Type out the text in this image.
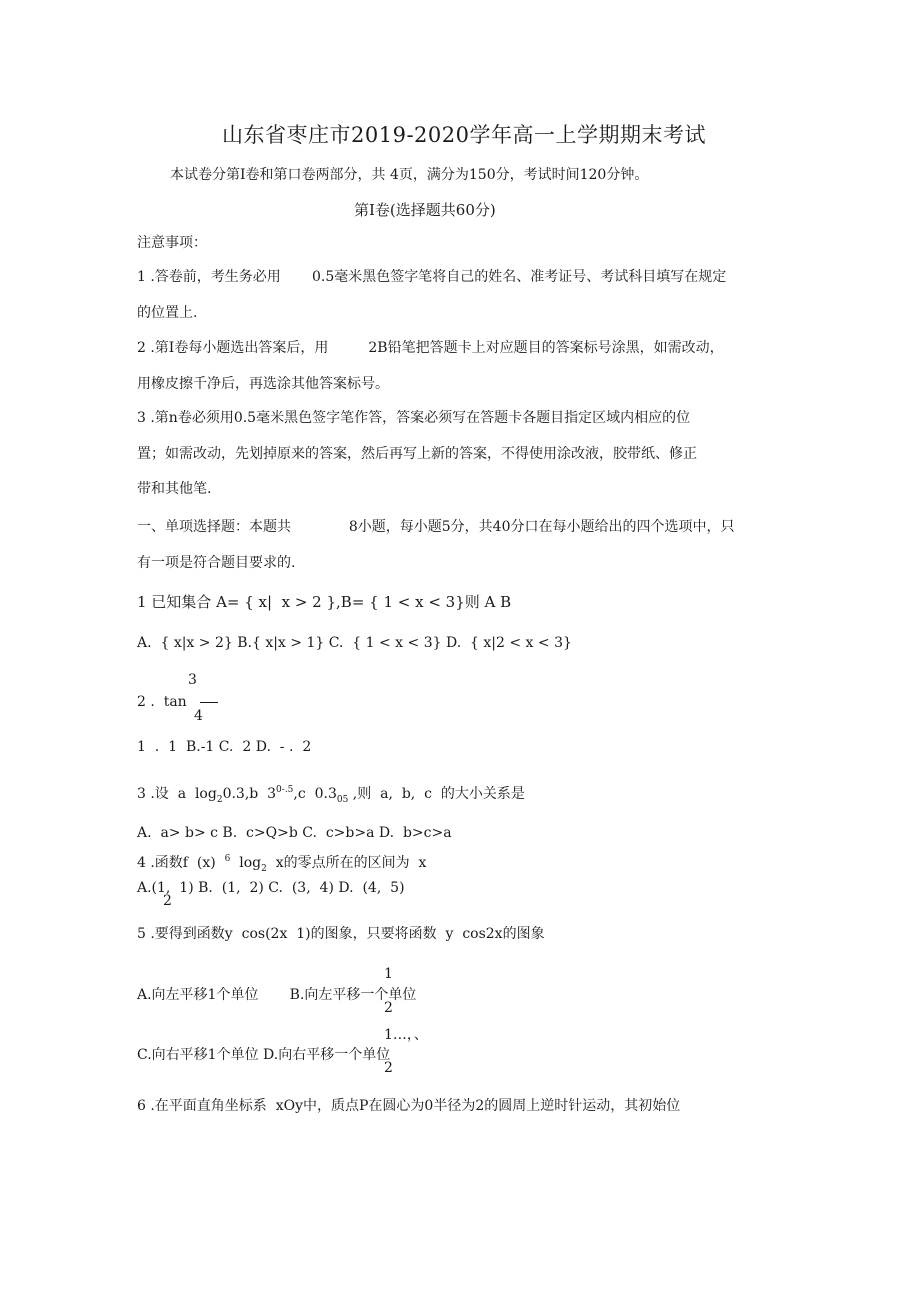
山东省枣庄市2019-2020学年高一上学期期末考试
本试卷分第I卷和第口卷两部分，共 4页，满分为150分，考试时间120分钟。
第I卷(选择题共60分)
注意事项：
1 .答卷前，考生务必用       0.5毫米黑色签字笔将自己的姓名、准考证号、考试科目填写在规定
的位置上.
2 .第I卷每小题选出答案后，用         2B铅笔把答题卡上对应题目的答案标号涂黑，如需改动，
用橡皮擦千净后，再选涂其他答案标号。
3 .第n卷必须用0.5毫米黑色签字笔作答，答案必须写在答题卡各题目指定区域内相应的位
置；如需改动，先划掉原来的答案，然后再写上新的答案，不得使用涂改液，胶带纸、修正
带和其他笔.
一、单项选择题：本题共             8小题，每小题5分，共40分口在每小题给出的四个选项中，只
有一项是符合题目要求的.
1 已知集合 A= { x|  x > 2 },B= { 1 < x < 3}则 A B
A.  { x|x > 2} B.{ x|x > 1} C.  { 1 < x < 3} D.  { x|2 < x < 3}
3
2 .  tan
4
1  .  1  B.-1 C.  2 D.  - .  2
3 .设  a  $\log_20.3,b$  $3^{0-.5},c$  $0.3_{05}$ ,则  a,  b,  c  的大小关系是
A.  a> b> c B.  c>Q>b C.  c>b>a D.  b>c>a
4 .函数f  (x)  $^6$  $\log_2 x$的零点所在的区间为  x
A.(1,  1) B.  (1,  2) C.  (3,  4) D.  (4,  5)
2
5 .要得到函数y  cos(2x  1)的图象，只要将函数  y  cos2x的图象
1
A.向左平移1个单位       B.向左平移一个单位
2
1…，、
C.向右平移1个单位 D.向右平移一个单位
2
6 .在平面直角坐标系  xOy中，质点P在圆心为0半径为2的圆周上逆时针运动，其初始位
